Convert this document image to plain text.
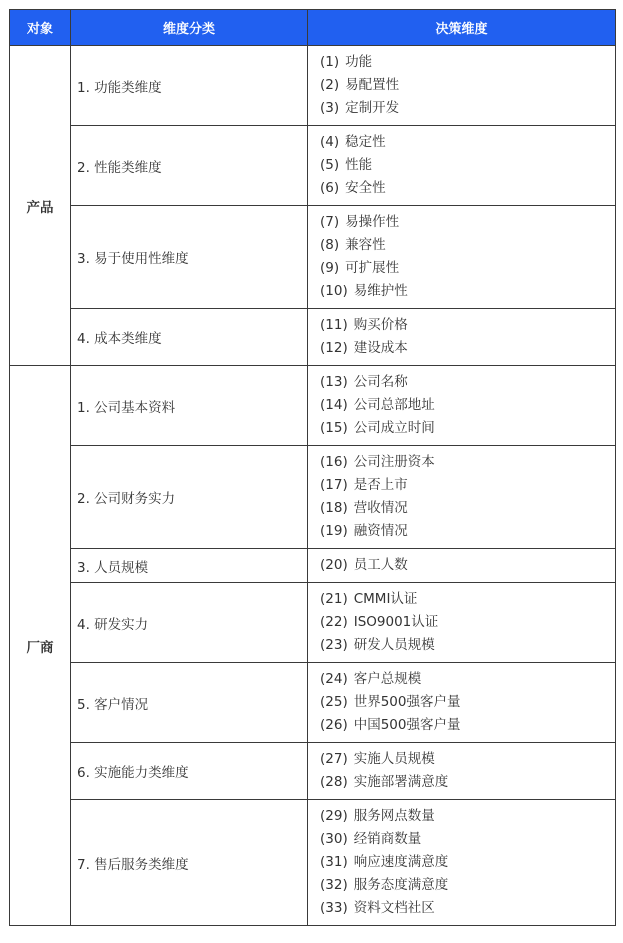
对象	维度分类	决策维度
产品	1. 功能类维度	(1) 功能
(2) 易配置性
(3) 定制开发

	2. 性能类维度	(4) 稳定性
(5) 性能
(6) 安全性

	3. 易于使用性维度	(7) 易操作性
(8) 兼容性
(9) 可扩展性
(10) 易维护性

	4. 成本类维度	(11) 购买价格
(12) 建设成本

厂商	1. 公司基本资料	(13) 公司名称
(14) 公司总部地址
(15) 公司成立时间

	2. 公司财务实力	(16) 公司注册资本
(17) 是否上市
(18) 营收情况
(19) 融资情况

	3. 人员规模	(20) 员工人数

	4. 研发实力	(21) CMMI认证
(22) ISO9001认证
(23) 研发人员规模

	5. 客户情况	(24) 客户总规模
(25) 世界500强客户量
(26) 中国500强客户量

	6. 实施能力类维度	(27) 实施人员规模
(28) 实施部署满意度

	7. 售后服务类维度	(29) 服务网点数量
(30) 经销商数量
(31) 响应速度满意度
(32) 服务态度满意度
(33) 资料文档社区
